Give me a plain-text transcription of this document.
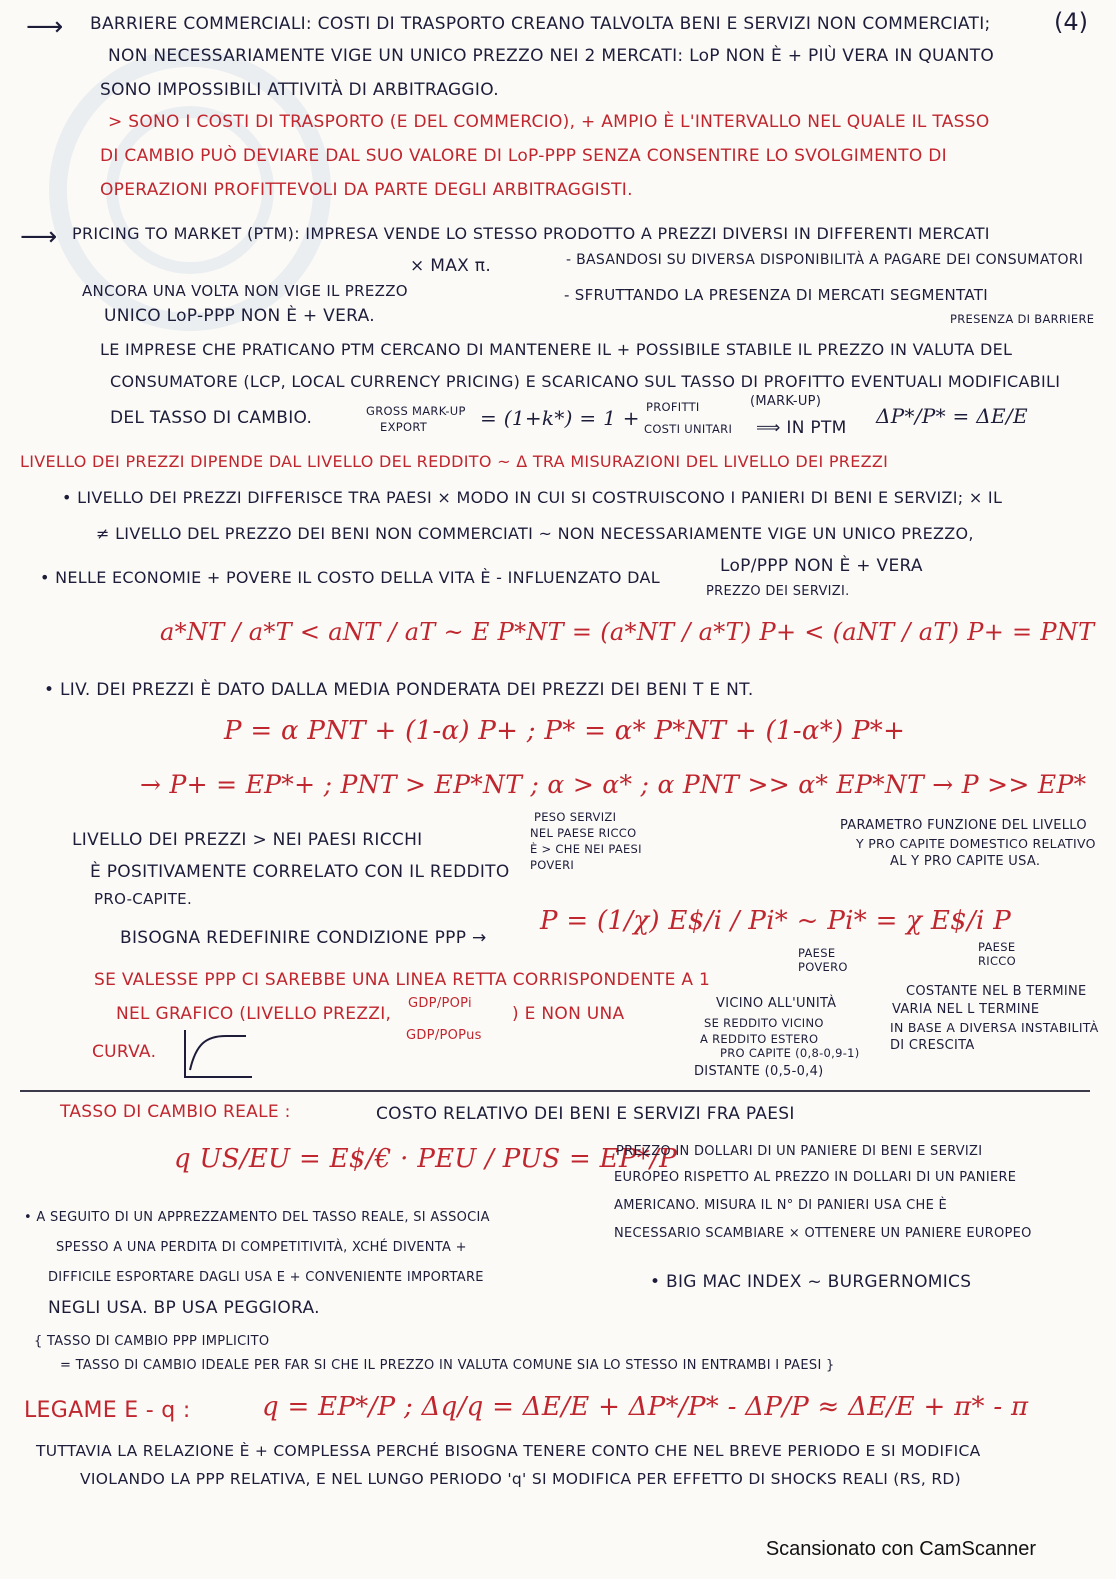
(4)
⟶ BARRIERE COMMERCIALI: COSTI DI TRASPORTO CREANO TALVOLTA BENI E SERVIZI NON COMMERCIATI;
NON NECESSARIAMENTE VIGE UN UNICO PREZZO NEI 2 MERCATI: LoP NON È + PIÙ VERA IN QUANTO
SONO IMPOSSIBILI ATTIVITÀ DI ARBITRAGGIO.
> SONO I COSTI DI TRASPORTO (E DEL COMMERCIO), + AMPIO È L'INTERVALLO NEL QUALE IL TASSO
DI CAMBIO PUÒ DEVIARE DAL SUO VALORE DI LoP-PPP SENZA CONSENTIRE LO SVOLGIMENTO DI
OPERAZIONI PROFITTEVOLI DA PARTE DEGLI ARBITRAGGISTI.
⟶ PRICING TO MARKET (PTM): IMPRESA VENDE LO STESSO PRODOTTO A PREZZI DIVERSI IN DIFFERENTI MERCATI
× MAX π.	- BASANDOSI SU DIVERSA DISPONIBILITÀ A PAGARE DEI CONSUMATORI
ANCORA UNA VOLTA NON VIGE IL PREZZO	- SFRUTTANDO LA PRESENZA DI MERCATI SEGMENTATI
UNICO LoP-PPP NON È + VERA.	PRESENZA DI BARRIERE
LE IMPRESE CHE PRATICANO PTM CERCANO DI MANTENERE IL + POSSIBILE STABILE IL PREZZO IN VALUTA DEL
CONSUMATORE (LCP, LOCAL CURRENCY PRICING) E SCARICANO SUL TASSO DI PROFITTO EVENTUALI MODIFICABILI
DEL TASSO DI CAMBIO.	GROSS MARK-UP
EXPORT	= (1+k*) = 1 + PROFITTI
COSTI UNITARI
(MARK-UP)
⟹ IN PTM ΔP*/P* = ΔE/E
LIVELLO DEI PREZZI DIPENDE DAL LIVELLO DEL REDDITO ~ Δ TRA MISURAZIONI DEL LIVELLO DEI PREZZI
• LIVELLO DEI PREZZI DIFFERISCE TRA PAESI × MODO IN CUI SI COSTRUISCONO I PANIERI DI BENI E SERVIZI; × IL
≠ LIVELLO DEL PREZZO DEI BENI NON COMMERCIATI ~ NON NECESSARIAMENTE VIGE UN UNICO PREZZO,
• NELLE ECONOMIE + POVERE IL COSTO DELLA VITA È - INFLUENZATO DAL
LoP/PPP NON È + VERA
PREZZO DEI SERVIZI.
a*NT / a*T < aNT / aT ~ E P*NT = (a*NT / a*T) P+ < (aNT / aT) P+ = PNT
• LIV. DEI PREZZI È DATO DALLA MEDIA PONDERATA DEI PREZZI DEI BENI T E NT.
P = α PNT + (1-α) P+ ; P* = α* P*NT + (1-α*) P*+
→ P+ = EP*+ ; PNT > EP*NT ; α > α* ; α PNT >> α* EP*NT → P >> EP*
PESO SERVIZI
NEL PAESE RICCO
È > CHE NEI PAESI
POVERI
LIVELLO DEI PREZZI > NEI PAESI RICCHI
È POSITIVAMENTE CORRELATO CON IL REDDITO
PRO-CAPITE.
PARAMETRO FUNZIONE DEL LIVELLO
Y PRO CAPITE DOMESTICO RELATIVO
AL Y PRO CAPITE USA.
BISOGNA REDEFINIRE CONDIZIONE PPP →
P = (1/χ) E$/i / Pi* ~ Pi* = χ E$/i P
PAESE
POVERO
PAESE
RICCO
SE VALESSE PPP CI SAREBBE UNA LINEA RETTA CORRISPONDENTE A 1
NEL GRAFICO (LIVELLO PREZZI,
GDP/POPi
GDP/POPus
) E NON UNA
CURVA.
VICINO ALL'UNITÀ
SE REDDITO VICINO
A REDDITO ESTERO
PRO CAPITE (0,8-0,9-1)
DISTANTE (0,5-0,4)
COSTANTE NEL B TERMINE
VARIA NEL L TERMINE
IN BASE A DIVERSA INSTABILITÀ
DI CRESCITA
TASSO DI CAMBIO REALE :	COSTO RELATIVO DEI BENI E SERVIZI FRA PAESI
q US/EU = E$/€ · PEU / PUS = EP*/P
PREZZO IN DOLLARI DI UN PANIERE DI BENI E SERVIZI
EUROPEO RISPETTO AL PREZZO IN DOLLARI DI UN PANIERE
AMERICANO. MISURA IL N° DI PANIERI USA CHE È
NECESSARIO SCAMBIARE × OTTENERE UN PANIERE EUROPEO
• A SEGUITO DI UN APPREZZAMENTO DEL TASSO REALE, SI ASSOCIA
SPESSO A UNA PERDITA DI COMPETITIVITÀ, XCHÉ DIVENTA +
DIFFICILE ESPORTARE DAGLI USA E + CONVENIENTE IMPORTARE	• BIG MAC INDEX ~ BURGERNOMICS
NEGLI USA. BP USA PEGGIORA.
{ TASSO DI CAMBIO PPP IMPLICITO
= TASSO DI CAMBIO IDEALE PER FAR SI CHE IL PREZZO IN VALUTA COMUNE SIA LO STESSO IN ENTRAMBI I PAESI }
LEGAME E - q :	q = EP*/P ; Δq/q = ΔE/E + ΔP*/P* - ΔP/P ≈ ΔE/E + π* - π
TUTTAVIA LA RELAZIONE È + COMPLESSA PERCHÉ BISOGNA TENERE CONTO CHE NEL BREVE PERIODO E SI MODIFICA
VIOLANDO LA PPP RELATIVA, E NEL LUNGO PERIODO 'q' SI MODIFICA PER EFFETTO DI SHOCKS REALI (RS, RD)
Scansionato con CamScanner
